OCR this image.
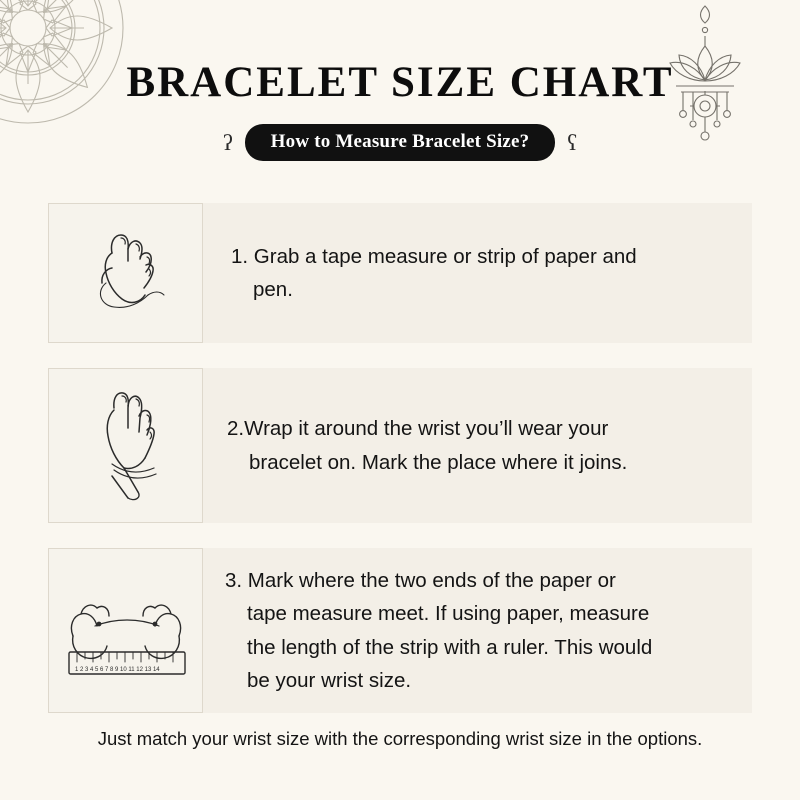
BRACELET SIZE CHART
ʕ	How to Measure Bracelet Size?	ʕ
1. Grab a tape measure or strip of paper and
pen.
2.Wrap it around the wrist you’ll wear your
bracelet on. Mark the place where it joins.
1 2 3 4 5 6 7 8 9 10 11 12 13 14
3. Mark where the two ends of the paper or
tape measure meet. If using paper, measure
the length of the strip with a ruler. This would
be your wrist size.
Just match your wrist size with the corresponding wrist size in the options.
